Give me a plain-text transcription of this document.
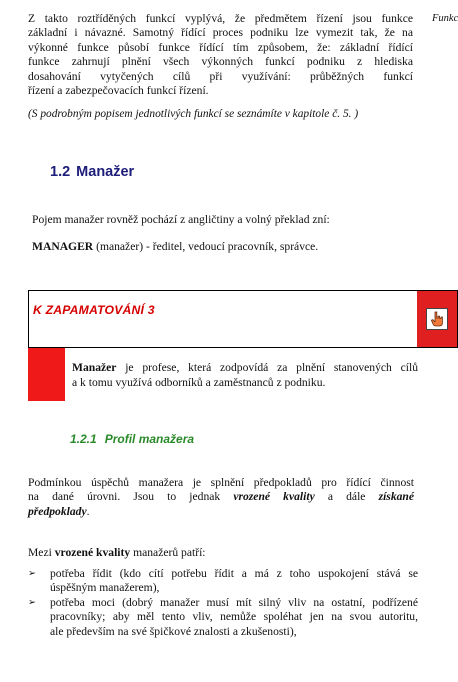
Funkc
Z takto roztříděných funkcí vyplývá, že předmětem řízení jsou funkce
základní i návazné. Samotný řídící proces podniku lze vymezit tak, že na
výkonné funkce působí funkce řídící tím způsobem, že: základní řídící
funkce zahrnují plnění všech výkonných funkcí podniku z hlediska
dosahování vytyčených cílů při využívání: průběžných funkcí
řízení a zabezpečovacích funkcí řízení.
(S podrobným popisem jednotlivých funkcí se seznámíte v kapitole č. 5. )
1.2 Manažer
Pojem manažer rovněž pochází z angličtiny a volný překlad zní:
MANAGER (manažer) - ředitel, vedoucí pracovník, správce.
K ZAPAMATOVÁNÍ 3
Manažer je profese, která zodpovídá za plnění stanovených cílů
a k tomu využívá odborníků a zaměstnanců z podniku.
1.2.1 Profil manažera
Podmínkou úspěchů manažera je splnění předpokladů pro řídící činnost
na dané úrovni. Jsou to jednak vrozené kvality a dále získané
předpoklady.
Mezi vrozené kvality manažerů patří:
➢ potřeba řídit (kdo cítí potřebu řídit a má z toho uspokojení stává se
úspěšným manažerem),
➢ potřeba moci (dobrý manažer musí mít silný vliv na ostatní, podřízené
pracovníky; aby měl tento vliv, nemůže spoléhat jen na svou autoritu,
ale především na své špičkové znalosti a zkušenosti),
